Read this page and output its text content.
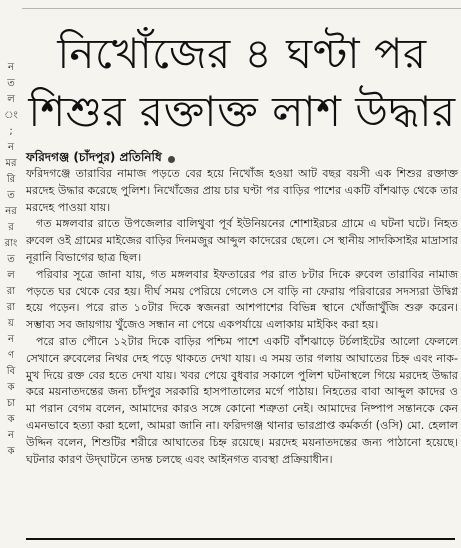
ন
ত
ল
ং
;
ন
মর
রি
ত
নর
র
রাং
ত
ল
রা
রা
য়
ন
ণ
বি
ক
চা
ক
ন
ক
নিখোঁজের ৪ ঘণ্টা পর
শিশুর রক্তাক্ত লাশ উদ্ধার
ফরিদগঞ্জ (চাঁদপুর) প্রতিনিধি

ফরিদগঞ্জে তারাবির নামাজ পড়তে বের হয়ে নিখোঁজ হওয়া আট বছর বয়সী এক শিশুর রক্তাক্ত মরদেহ উদ্ধার করেছে পুলিশ। নিখোঁজের প্রায় চার ঘণ্টা পর বাড়ির পাশের একটি বাঁশঝাড় থেকে তার মরদেহ পাওয়া যায়।

গত মঙ্গলবার রাতে উপজেলার বালিথুবা পূর্ব ইউনিয়নের শোশাইরচর গ্রামে এ ঘটনা ঘটে। নিহত রুবেল ওই গ্রামের মাইজের বাড়ির দিনমজুর আব্দুল কাদেরের ছেলে। সে স্থানীয় সাদকিসাইর মাদ্রাসার নূরানি বিভাগের ছাত্র ছিল।

পরিবার সূত্রে জানা যায়, গত মঙ্গলবার ইফতারের পর রাত ৮টার দিকে রুবেল তারাবির নামাজ পড়তে ঘর থেকে বের হয়। দীর্ঘ সময় পেরিয়ে গেলেও সে বাড়ি না ফেরায় পরিবারের সদস্যরা উদ্বিগ্ন হয়ে পড়েন। পরে রাত ১০টার দিকে স্বজনরা আশপাশের বিভিন্ন স্থানে খোঁজাখুঁজি শুরু করেন। সম্ভাব্য সব জায়গায় খুঁজেও সন্ধান না পেয়ে একপর্যায়ে এলাকায় মাইকিং করা হয়।

পরে রাত পৌনে ১২টার দিকে বাড়ির পশ্চিম পাশে একটি বাঁশঝাড়ে টর্চলাইটের আলো ফেললে সেখানে রুবেলের নিথর দেহ পড়ে থাকতে দেখা যায়। এ সময় তার গলায় আঘাতের চিহ্ন এবং নাক-মুখ দিয়ে রক্ত বের হতে দেখা যায়। খবর পেয়ে বুধবার সকালে পুলিশ ঘটনাস্থলে গিয়ে মরদেহ উদ্ধার করে ময়নাতদন্তের জন্য চাঁদপুর সরকারি হাসপাতালের মর্গে পাঠায়। নিহতের বাবা আব্দুল কাদের ও মা পরান বেগম বলেন, আমাদের কারও সঙ্গে কোনো শত্রুতা নেই। আমাদের নিষ্পাপ সন্তানকে কেন এমনভাবে হত্যা করা হলো, আমরা জানি না। ফরিদগঞ্জ থানার ভারপ্রাপ্ত কর্মকর্তা (ওসি) মো. হেলাল উদ্দিন বলেন, শিশুটির শরীরে আঘাতের চিহ্ন রয়েছে। মরদেহ ময়নাতদন্তের জন্য পাঠানো হয়েছে। ঘটনার কারণ উদ্‌ঘাটনে তদন্ত চলছে এবং আইনগত ব্যবস্থা প্রক্রিয়াধীন।
